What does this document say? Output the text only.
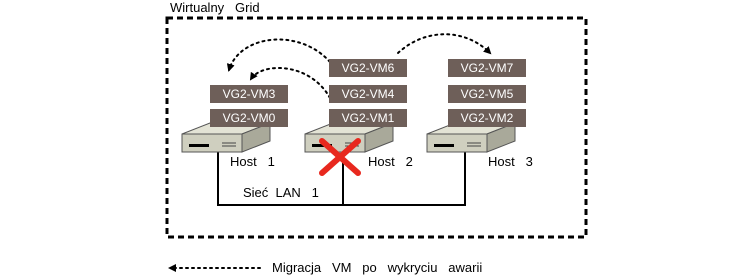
Wirtualny   Grid
VG2-VM3
VG2-VM0
VG2-VM6
VG2-VM4
VG2-VM1
VG2-VM7
VG2-VM5
VG2-VM2
Host   1	Host   2	Host   3
Sieć  LAN   1
Migracja   VM   po   wykryciu   awarii
